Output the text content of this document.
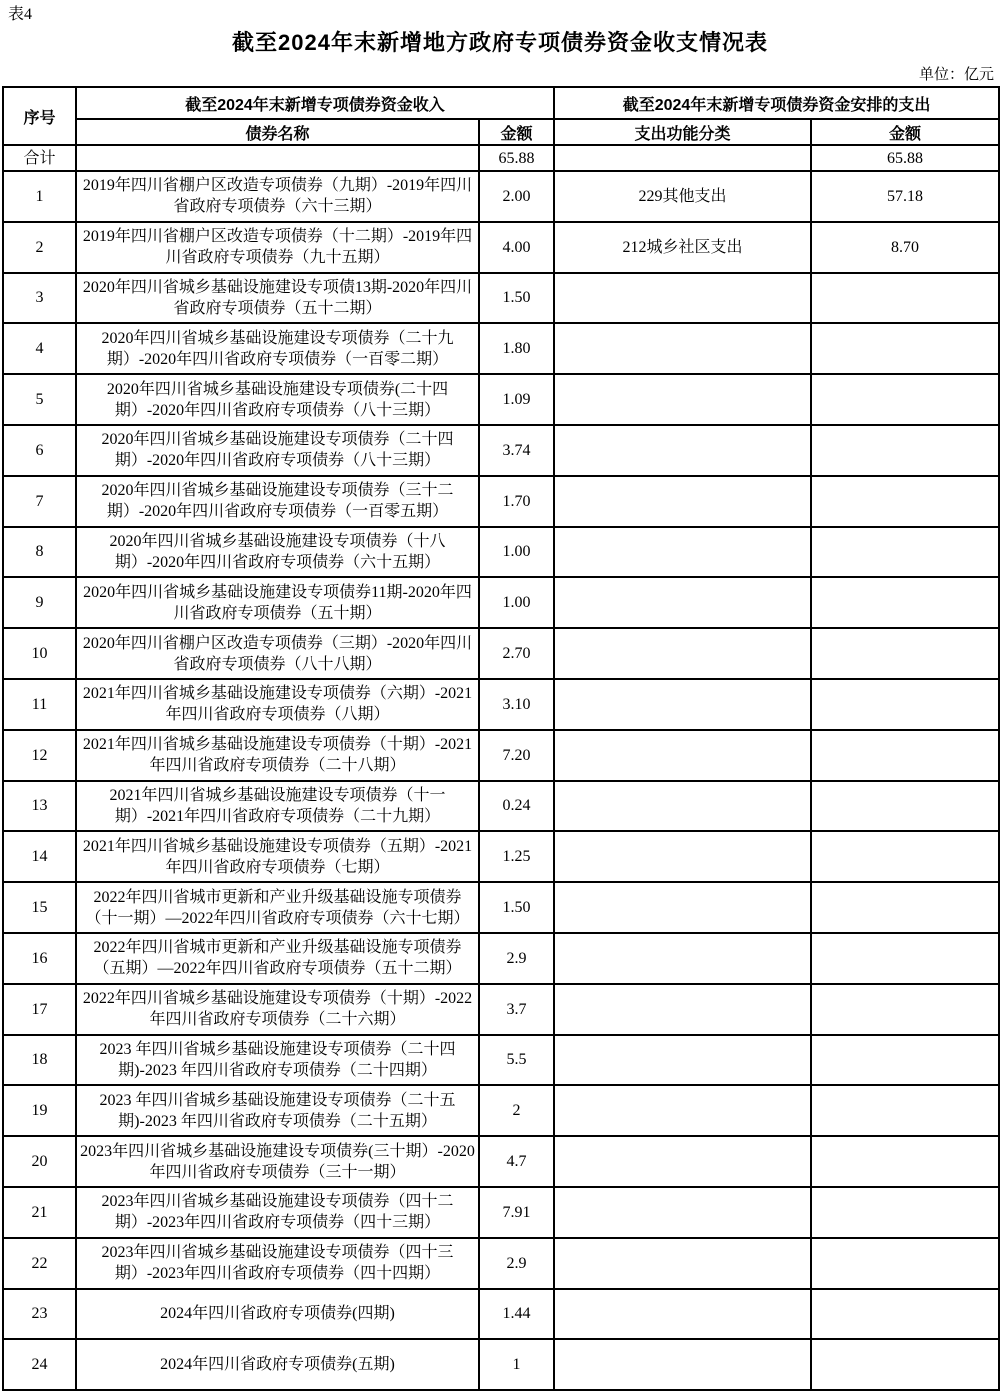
表4
截至2024年末新增地方政府专项债券资金收支情况表
单位：亿元
序号	截至2024年末新增专项债券资金收入		截至2024年末新增专项债券资金安排的支出	
	债券名称	金额	支出功能分类	金额
合计		65.88		65.88
1	2019年四川省棚户区改造专项债券（九期）-2019年四川省政府专项债券（六十三期）	2.00	229其他支出	57.18
2	2019年四川省棚户区改造专项债券（十二期）-2019年四川省政府专项债券（九十五期）	4.00	212城乡社区支出	8.70
3	2020年四川省城乡基础设施建设专项债13期-2020年四川省政府专项债券（五十二期）	1.50		
4	2020年四川省城乡基础设施建设专项债券（二十九期）-2020年四川省政府专项债券（一百零二期）	1.80		
5	2020年四川省城乡基础设施建设专项债券(二十四期）-2020年四川省政府专项债券（八十三期）	1.09		
6	2020年四川省城乡基础设施建设专项债券（二十四期）-2020年四川省政府专项债券（八十三期）	3.74		
7	2020年四川省城乡基础设施建设专项债券（三十二期）-2020年四川省政府专项债券（一百零五期）	1.70		
8	2020年四川省城乡基础设施建设专项债券（十八期）-2020年四川省政府专项债券（六十五期）	1.00		
9	2020年四川省城乡基础设施建设专项债券11期-2020年四川省政府专项债券（五十期）	1.00		
10	2020年四川省棚户区改造专项债券（三期）-2020年四川省政府专项债券（八十八期）	2.70		
11	2021年四川省城乡基础设施建设专项债券（六期）-2021年四川省政府专项债券（八期）	3.10		
12	2021年四川省城乡基础设施建设专项债券（十期）-2021年四川省政府专项债券（二十八期）	7.20		
13	2021年四川省城乡基础设施建设专项债券（十一期）-2021年四川省政府专项债券（二十九期）	0.24		
14	2021年四川省城乡基础设施建设专项债券（五期）-2021年四川省政府专项债券（七期）	1.25		
15	2022年四川省城市更新和产业升级基础设施专项债券（十一期）—2022年四川省政府专项债券（六十七期）	1.50		
16	2022年四川省城市更新和产业升级基础设施专项债券（五期）—2022年四川省政府专项债券（五十二期）	2.9		
17	2022年四川省城乡基础设施建设专项债券（十期）-2022年四川省政府专项债券（二十六期）	3.7		
18	2023 年四川省城乡基础设施建设专项债券（二十四期)-2023 年四川省政府专项债券（二十四期）	5.5		
19	2023 年四川省城乡基础设施建设专项债券（二十五期)-2023 年四川省政府专项债券（二十五期）	2		
20	2023年四川省城乡基础设施建设专项债券(三十期）-2020年四川省政府专项债券（三十一期）	4.7		
21	2023年四川省城乡基础设施建设专项债券（四十二期）-2023年四川省政府专项债券（四十三期）	7.91		
22	2023年四川省城乡基础设施建设专项债券（四十三期）-2023年四川省政府专项债券（四十四期）	2.9		
23	2024年四川省政府专项债券(四期)	1.44		
24	2024年四川省政府专项债券(五期)	1		
